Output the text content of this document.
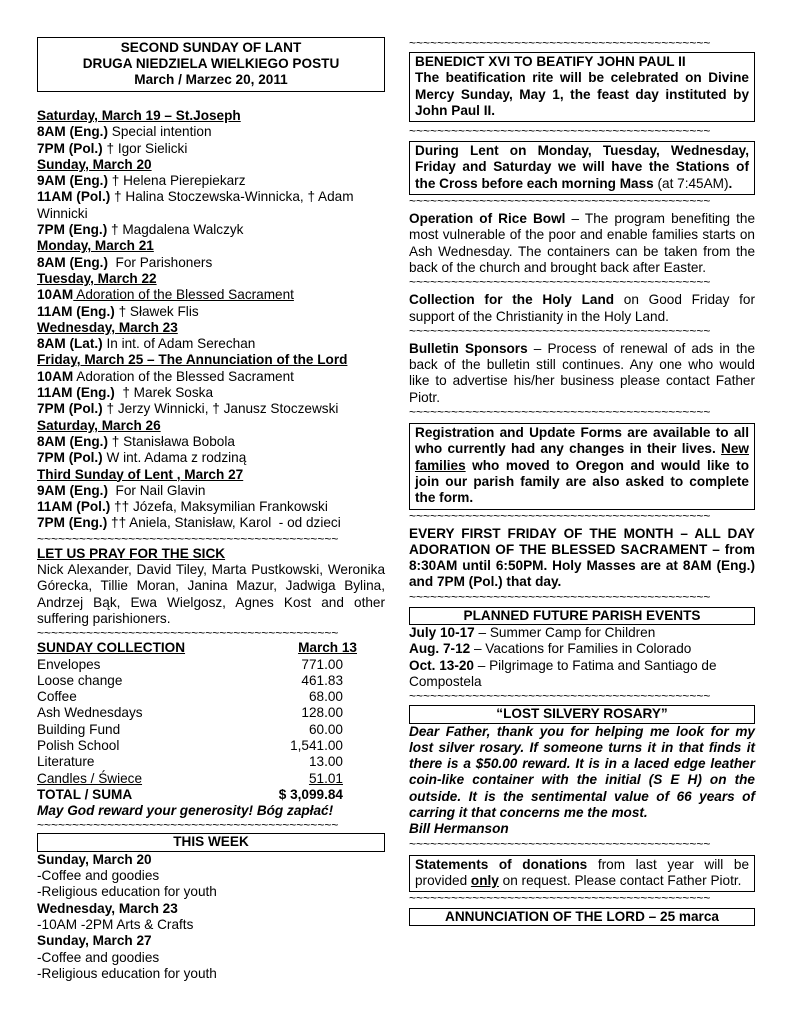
SECOND SUNDAY OF LANT
DRUGA NIEDZIELA WIELKIEGO POSTU
March / Marzec 20, 2011
Saturday, March 19 – St.Joseph
8AM (Eng.) Special intention
7PM (Pol.) † Igor Sielicki
Sunday, March 20
9AM (Eng.) † Helena Pierepiekarz
11AM (Pol.) † Halina Stoczewska-Winnicka, † Adam Winnicki
7PM (Eng.) † Magdalena Walczyk
Monday, March 21
8AM (Eng.)  For Parishoners
Tuesday, March 22
10AM Adoration of the Blessed Sacrament
11AM (Eng.) † Sławek Flis
Wednesday, March 23
8AM (Lat.) In int. of Adam Serechan
Friday, March 25 – The Annunciation of the Lord
10AM Adoration of the Blessed Sacrament
11AM (Eng.)  † Marek Soska
7PM (Pol.) † Jerzy Winnicki, † Janusz Stoczewski
Saturday, March 26
8AM (Eng.) † Stanisława Bobola
7PM (Pol.) W int. Adama z rodziną
Third Sunday of Lent , March 27
9AM (Eng.)  For Nail Glavin
11AM (Pol.) †† Józefa, Maksymilian Frankowski
7PM (Eng.) †† Aniela, Stanisław, Karol  - od dzieci
~~~~~~~~~~~~~~~~~~~~~~~~~~~~~~~~~~~~~~~~~~~
LET US PRAY FOR THE SICK
Nick Alexander, David Tiley, Marta Pustkowski, Weronika Górecka, Tillie Moran, Janina Mazur, Jadwiga Bylina, Andrzej Bąk, Ewa Wielgosz, Agnes Kost and other suffering parishioners.
~~~~~~~~~~~~~~~~~~~~~~~~~~~~~~~~~~~~~~~~~~~
SUNDAY COLLECTION	March 13
Envelopes	771.00
Loose change	461.83
Coffee	68.00
Ash Wednesdays	128.00
Building Fund	60.00
Polish School	1,541.00
Literature	13.00
Candles / Świece	51.01
TOTAL / SUMA	$ 3,099.84
May God reward your generosity! Bóg zapłać!
~~~~~~~~~~~~~~~~~~~~~~~~~~~~~~~~~~~~~~~~~~~
THIS WEEK
Sunday, March 20
-Coffee and goodies
-Religious education for youth
Wednesday, March 23
-10AM -2PM Arts & Crafts
Sunday, March 27
-Coffee and goodies
-Religious education for youth
~~~~~~~~~~~~~~~~~~~~~~~~~~~~~~~~~~~~~~~~~~~
BENEDICT XVI TO BEATIFY JOHN PAUL II
The beatification rite will be celebrated on Divine Mercy Sunday, May 1, the feast day instituted by John Paul II.
~~~~~~~~~~~~~~~~~~~~~~~~~~~~~~~~~~~~~~~~~~~
During Lent on Monday, Tuesday, Wednesday, Friday and Saturday we will have the Stations of the Cross before each morning Mass (at 7:45AM).
~~~~~~~~~~~~~~~~~~~~~~~~~~~~~~~~~~~~~~~~~~~
Operation of Rice Bowl – The program benefiting the most vulnerable of the poor and enable families starts on Ash Wednesday. The containers can be taken from the back of the church and brought back after Easter.
~~~~~~~~~~~~~~~~~~~~~~~~~~~~~~~~~~~~~~~~~~~
Collection for the Holy Land on Good Friday for support of the Christianity in the Holy Land.
~~~~~~~~~~~~~~~~~~~~~~~~~~~~~~~~~~~~~~~~~~~
Bulletin Sponsors – Process of renewal of ads in the back of the bulletin still continues. Any one who would like to advertise his/her business please contact Father Piotr.
~~~~~~~~~~~~~~~~~~~~~~~~~~~~~~~~~~~~~~~~~~~
Registration and Update Forms are available to all who currently had any changes in their lives. New families who moved to Oregon and would like to join our parish family are also asked to complete the form.
~~~~~~~~~~~~~~~~~~~~~~~~~~~~~~~~~~~~~~~~~~~
EVERY FIRST FRIDAY OF THE MONTH – ALL DAY ADORATION OF THE BLESSED SACRAMENT – from 8:30AM until 6:50PM. Holy Masses are at 8AM (Eng.) and 7PM (Pol.) that day.
~~~~~~~~~~~~~~~~~~~~~~~~~~~~~~~~~~~~~~~~~~~
PLANNED FUTURE PARISH EVENTS
July 10-17 – Summer Camp for Children
Aug. 7-12 – Vacations for Families in Colorado
Oct. 13-20 – Pilgrimage to Fatima and Santiago de Compostela
~~~~~~~~~~~~~~~~~~~~~~~~~~~~~~~~~~~~~~~~~~~
“LOST SILVERY ROSARY”
Dear Father, thank you for helping me look for my lost silver rosary. If someone turns it in that finds it there is a $50.00 reward. It is in a laced edge leather coin-like container with the initial (S E H) on the outside. It is the sentimental value of 66 years of carring it that concerns me the most.
Bill Hermanson
~~~~~~~~~~~~~~~~~~~~~~~~~~~~~~~~~~~~~~~~~~~
Statements of donations from last year will be provided only on request. Please contact Father Piotr.
~~~~~~~~~~~~~~~~~~~~~~~~~~~~~~~~~~~~~~~~~~~
ANNUNCIATION OF THE LORD – 25 marca
